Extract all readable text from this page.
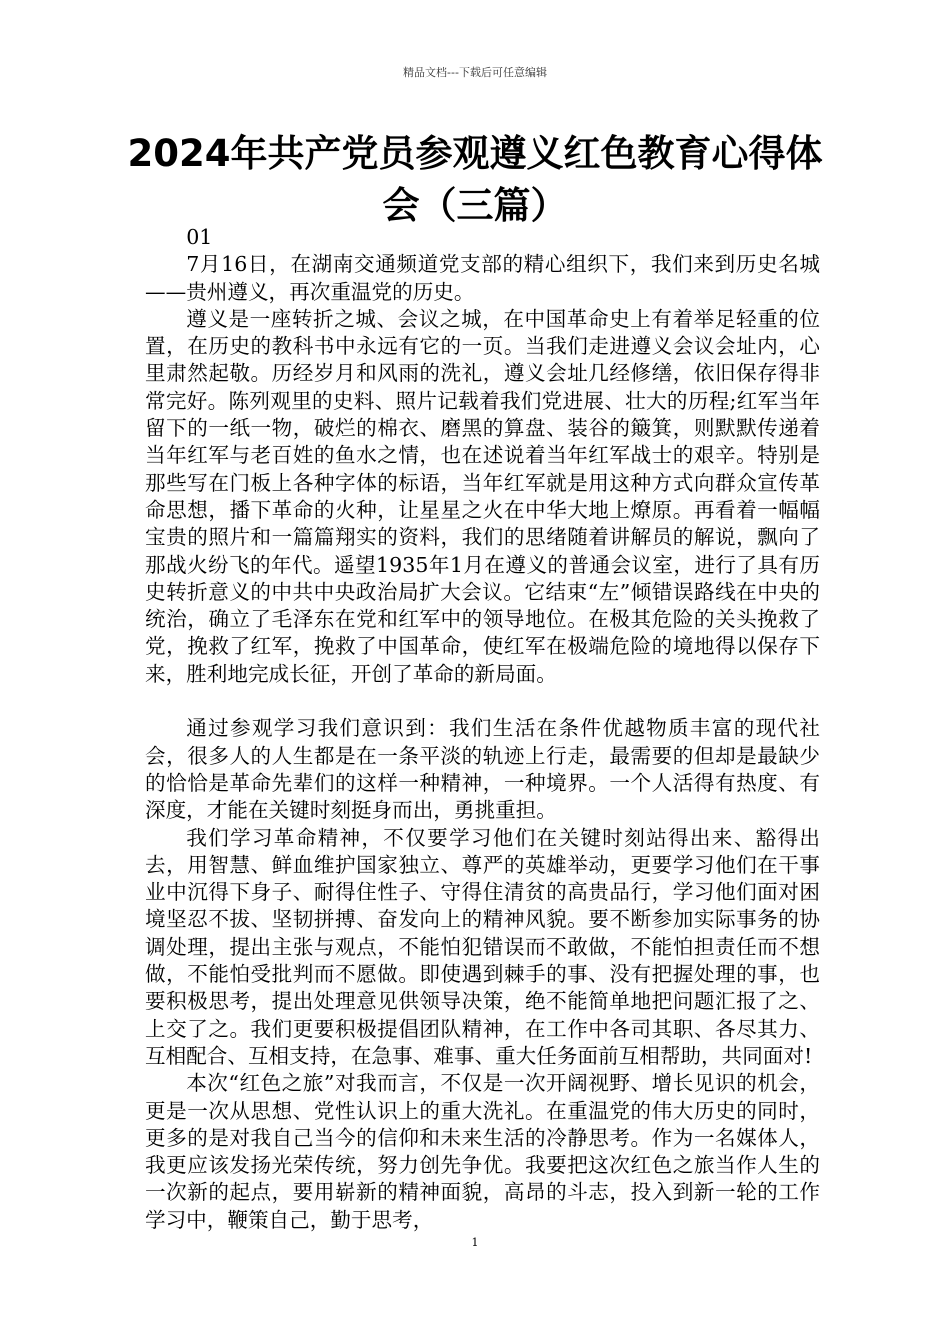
精品文档---下载后可任意编辑
2024年共产党员参观遵义红色教育心得体会（三篇）

01

7月16日，在湖南交通频道党支部的精心组织下，我们来到历史名城——贵州遵义，再次重温党的历史。

遵义是一座转折之城、会议之城，在中国革命史上有着举足轻重的位置，在历史的教科书中永远有它的一页。当我们走进遵义会议会址内，心里肃然起敬。历经岁月和风雨的洗礼，遵义会址几经修缮，依旧保存得非常完好。陈列观里的史料、照片记载着我们党进展、壮大的历程;红军当年留下的一纸一物，破烂的棉衣、磨黑的算盘、装谷的簸箕，则默默传递着当年红军与老百姓的鱼水之情，也在述说着当年红军战士的艰辛。特别是那些写在门板上各种字体的标语，当年红军就是用这种方式向群众宣传革命思想，播下革命的火种，让星星之火在中华大地上燎原。再看着一幅幅宝贵的照片和一篇篇翔实的资料，我们的思绪随着讲解员的解说，飘向了那战火纷飞的年代。遥望1935年1月在遵义的普通会议室，进行了具有历史转折意义的中共中央政治局扩大会议。它结束“左”倾错误路线在中央的统治，确立了毛泽东在党和红军中的领导地位。在极其危险的关头挽救了党，挽救了红军，挽救了中国革命，使红军在极端危险的境地得以保存下来，胜利地完成长征，开创了革命的新局面。

通过参观学习我们意识到：我们生活在条件优越物质丰富的现代社会，很多人的人生都是在一条平淡的轨迹上行走，最需要的但却是最缺少的恰恰是革命先辈们的这样一种精神，一种境界。一个人活得有热度、有深度，才能在关键时刻挺身而出，勇挑重担。

我们学习革命精神，不仅要学习他们在关键时刻站得出来、豁得出去，用智慧、鲜血维护国家独立、尊严的英雄举动，更要学习他们在干事业中沉得下身子、耐得住性子、守得住清贫的高贵品行，学习他们面对困境坚忍不拔、坚韧拼搏、奋发向上的精神风貌。要不断参加实际事务的协调处理，提出主张与观点，不能怕犯错误而不敢做，不能怕担责任而不想做，不能怕受批判而不愿做。即使遇到棘手的事、没有把握处理的事，也要积极思考，提出处理意见供领导决策，绝不能简单地把问题汇报了之、上交了之。我们更要积极提倡团队精神，在工作中各司其职、各尽其力、互相配合、互相支持，在急事、难事、重大任务面前互相帮助，共同面对!

本次“红色之旅”对我而言，不仅是一次开阔视野、增长见识的机会，更是一次从思想、党性认识上的重大洗礼。在重温党的伟大历史的同时，更多的是对我自己当今的信仰和未来生活的冷静思考。作为一名媒体人，我更应该发扬光荣传统，努力创先争优。我要把这次红色之旅当作人生的一次新的起点，要用崭新的精神面貌，高昂的斗志，投入到新一轮的工作学习中，鞭策自己，勤于思考，

1
